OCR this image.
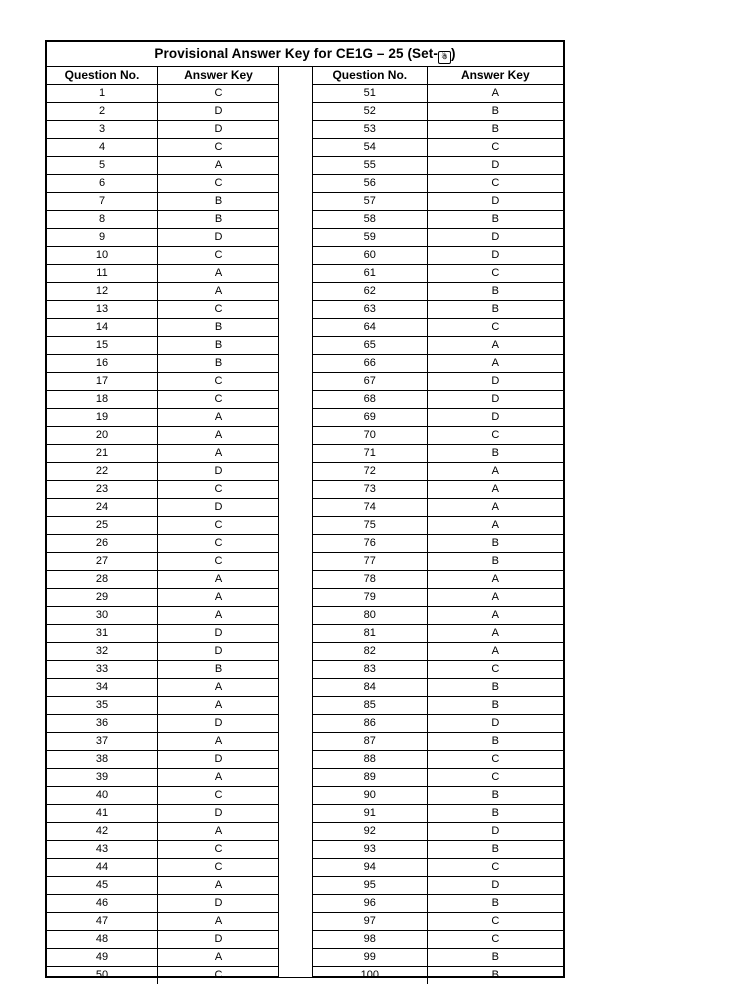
Provisional Answer Key for CE1G – 25 (Set- ☃ )
Question No.	Answer Key
1	C
2	D
3	D
4	C
5	A
6	C
7	B
8	B
9	D
10	C
11	A
12	A
13	C
14	B
15	B
16	B
17	C
18	C
19	A
20	A
21	A
22	D
23	C
24	D
25	C
26	C
27	C
28	A
29	A
30	A
31	D
32	D
33	B
34	A
35	A
36	D
37	A
38	D
39	A
40	C
41	D
42	A
43	C
44	C
45	A
46	D
47	A
48	D
49	A
50	C
Question No.	Answer Key
51	A
52	B
53	B
54	C
55	D
56	C
57	D
58	B
59	D
60	D
61	C
62	B
63	B
64	C
65	A
66	A
67	D
68	D
69	D
70	C
71	B
72	A
73	A
74	A
75	A
76	B
77	B
78	A
79	A
80	A
81	A
82	A
83	C
84	B
85	B
86	D
87	B
88	C
89	C
90	B
91	B
92	D
93	B
94	C
95	D
96	B
97	C
98	C
99	B
100	B
